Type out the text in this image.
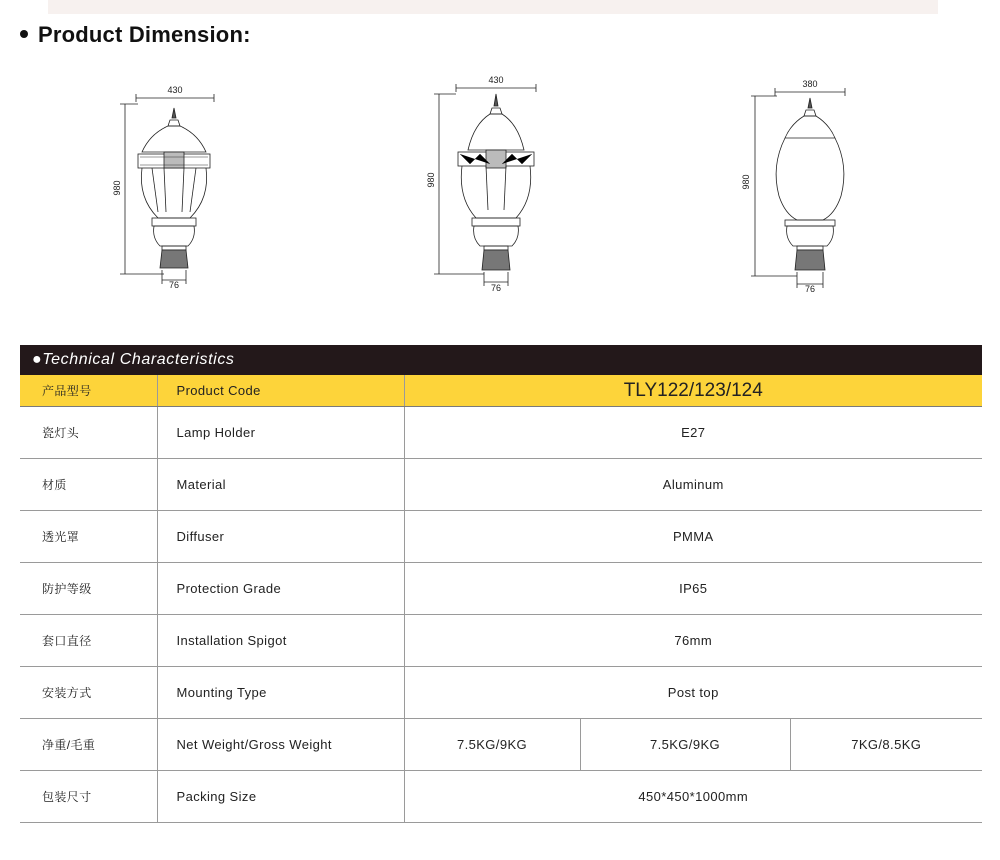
Product Dimension:
430
980
76
430
980
76
380
980
76
●Technical Characteristics
产品型号	Product Code	TLY122/123/124		
瓷灯头	Lamp Holder	E27		
材质	Material	Aluminum		
透光罩	Diffuser	PMMA		
防护等级	Protection Grade	IP65		
套口直径	Installation Spigot	76mm		
安装方式	Mounting Type	Post top		
净重/毛重	Net Weight/Gross Weight	7.5KG/9KG	7.5KG/9KG	7KG/8.5KG
包装尺寸	Packing Size	450*450*1000mm		
